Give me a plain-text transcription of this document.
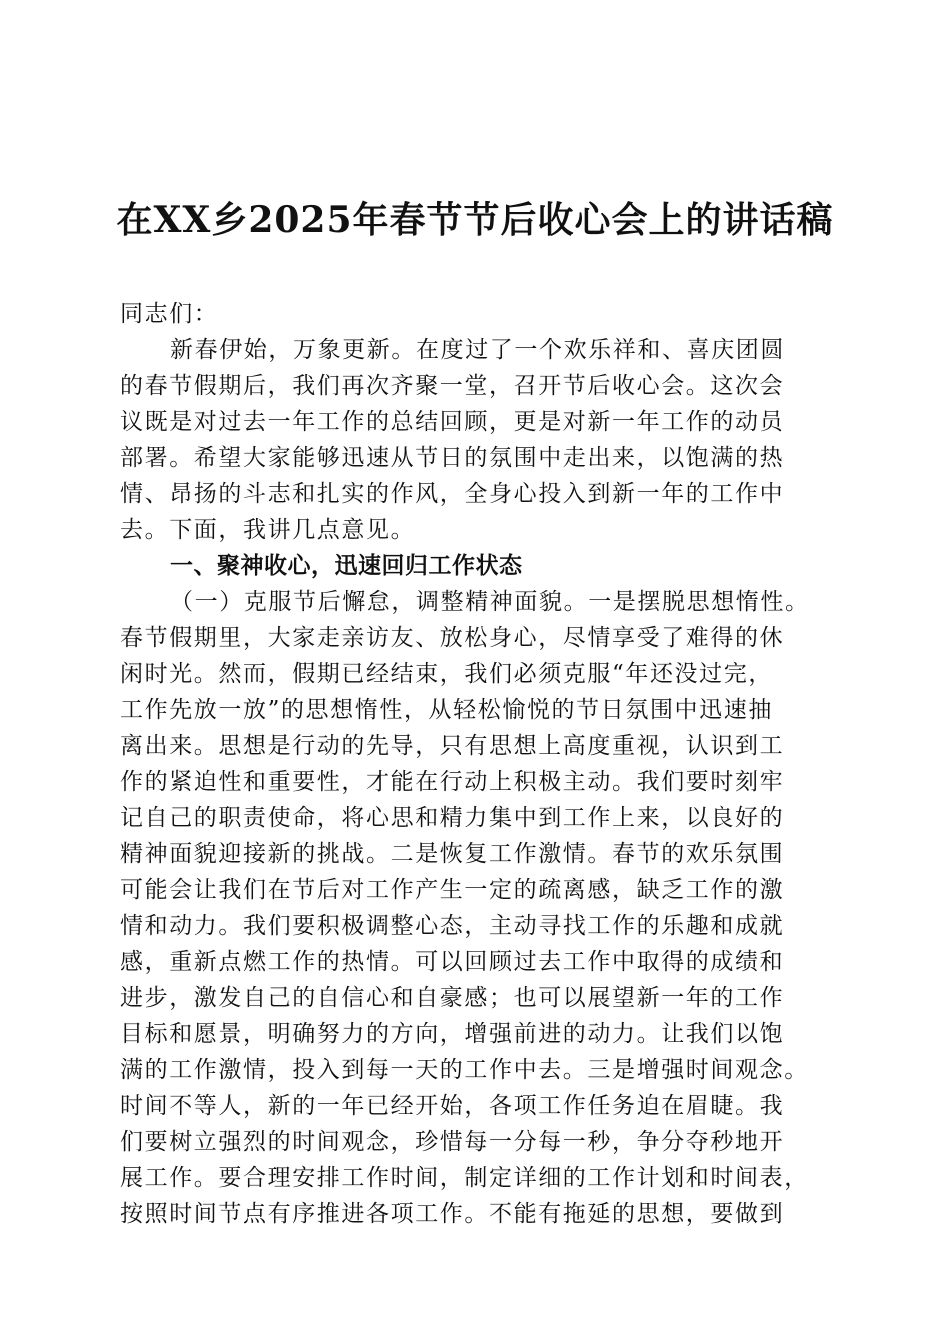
在XX乡2025年春节节后收心会上的讲话稿
同志们：
新春伊始，万象更新。在度过了一个欢乐祥和、喜庆团圆
的春节假期后，我们再次齐聚一堂，召开节后收心会。这次会
议既是对过去一年工作的总结回顾，更是对新一年工作的动员
部署。希望大家能够迅速从节日的氛围中走出来，以饱满的热
情、昂扬的斗志和扎实的作风，全身心投入到新一年的工作中
去。下面，我讲几点意见。
一、聚神收心，迅速回归工作状态
（一）克服节后懈怠，调整精神面貌。一是摆脱思想惰性。
春节假期里，大家走亲访友、放松身心，尽情享受了难得的休
闲时光。然而，假期已经结束，我们必须克服“年还没过完，
工作先放一放”的思想惰性，从轻松愉悦的节日氛围中迅速抽
离出来。思想是行动的先导，只有思想上高度重视，认识到工
作的紧迫性和重要性，才能在行动上积极主动。我们要时刻牢
记自己的职责使命，将心思和精力集中到工作上来，以良好的
精神面貌迎接新的挑战。二是恢复工作激情。春节的欢乐氛围
可能会让我们在节后对工作产生一定的疏离感，缺乏工作的激
情和动力。我们要积极调整心态，主动寻找工作的乐趣和成就
感，重新点燃工作的热情。可以回顾过去工作中取得的成绩和
进步，激发自己的自信心和自豪感；也可以展望新一年的工作
目标和愿景，明确努力的方向，增强前进的动力。让我们以饱
满的工作激情，投入到每一天的工作中去。三是增强时间观念。
时间不等人，新的一年已经开始，各项工作任务迫在眉睫。我
们要树立强烈的时间观念，珍惜每一分每一秒，争分夺秒地开
展工作。要合理安排工作时间，制定详细的工作计划和时间表，
按照时间节点有序推进各项工作。不能有拖延的思想，要做到
